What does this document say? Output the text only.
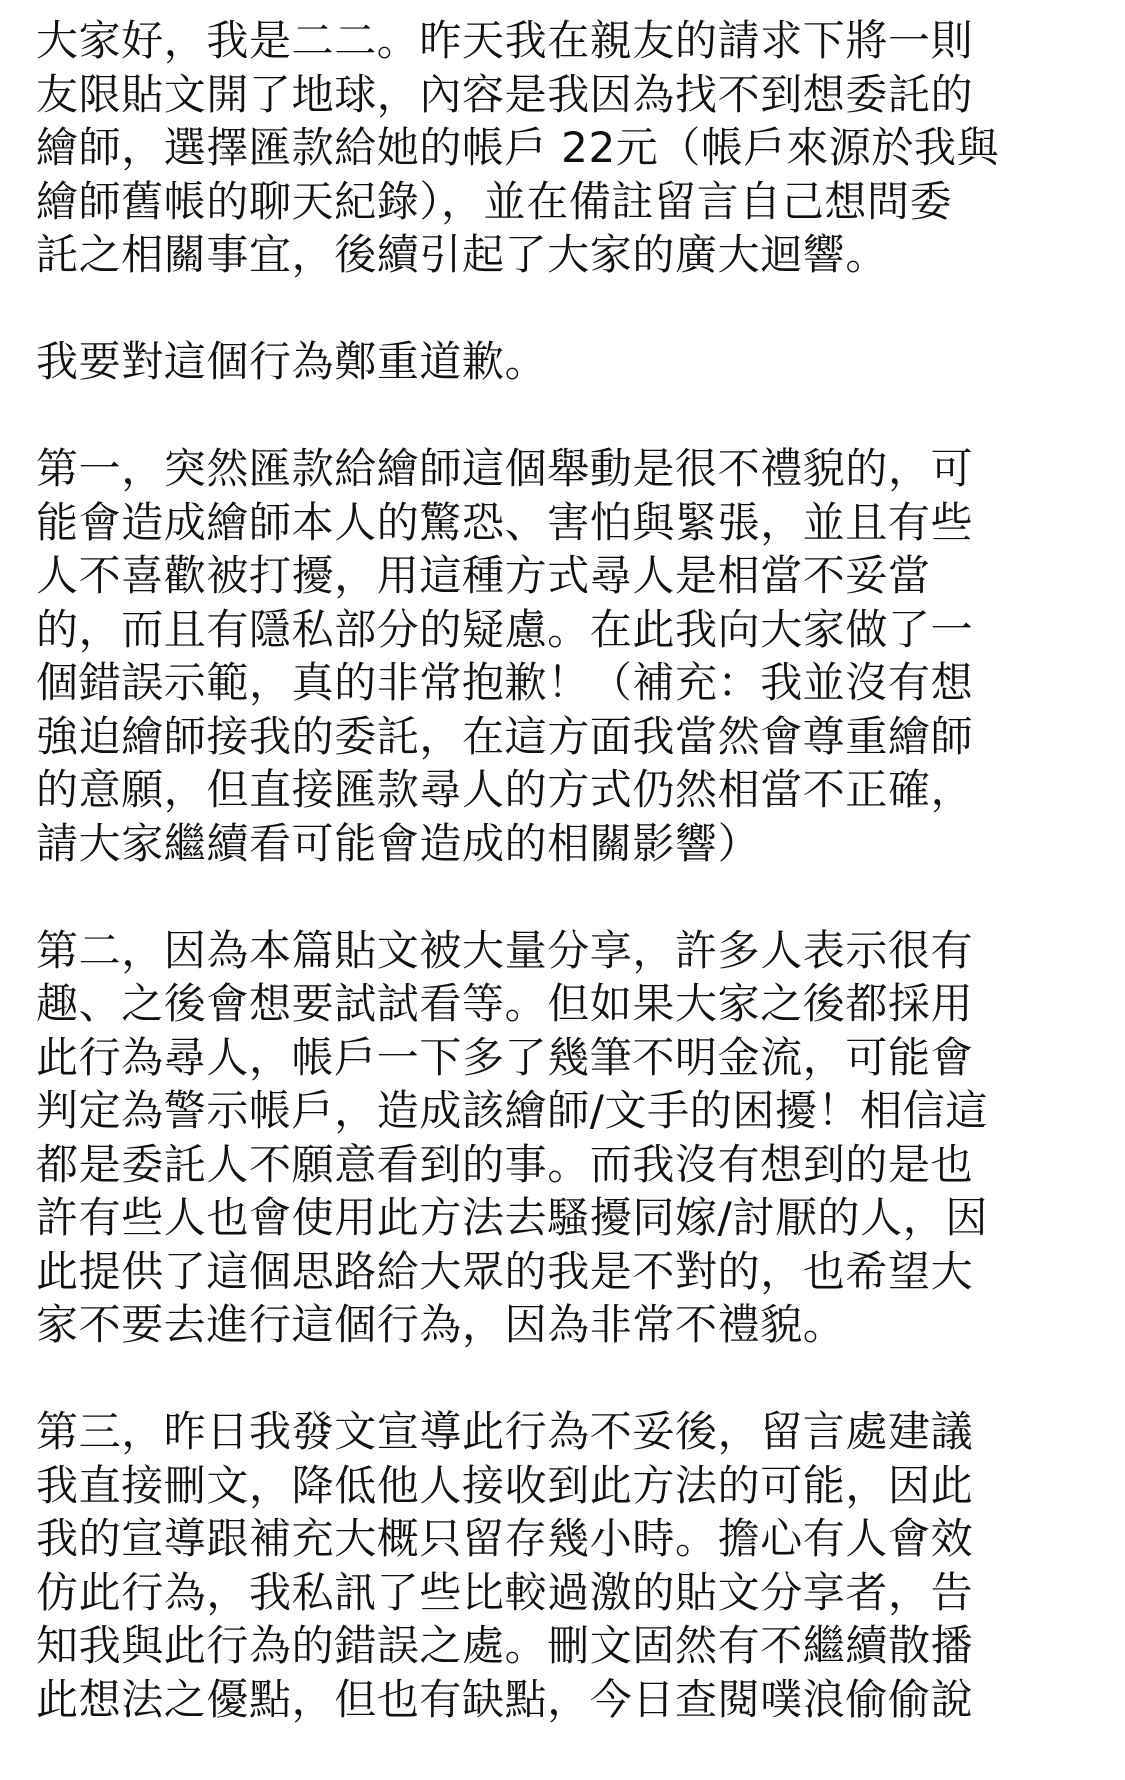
大家好，我是二二。昨天我在親友的請求下將一則
友限貼文開了地球，內容是我因為找不到想委託的
繪師，選擇匯款給她的帳戶 22元（帳戶來源於我與
繪師舊帳的聊天紀錄），並在備註留言自己想問委
託之相關事宜，後續引起了大家的廣大迴響。
我要對這個行為鄭重道歉。
第一，突然匯款給繪師這個舉動是很不禮貌的，可
能會造成繪師本人的驚恐、害怕與緊張，並且有些
人不喜歡被打擾，用這種方式尋人是相當不妥當
的，而且有隱私部分的疑慮。在此我向大家做了一
個錯誤示範，真的非常抱歉！（補充：我並沒有想
強迫繪師接我的委託，在這方面我當然會尊重繪師
的意願，但直接匯款尋人的方式仍然相當不正確，
請大家繼續看可能會造成的相關影響）
第二，因為本篇貼文被大量分享，許多人表示很有
趣、之後會想要試試看等。但如果大家之後都採用
此行為尋人，帳戶一下多了幾筆不明金流，可能會
判定為警示帳戶，造成該繪師/文手的困擾！相信這
都是委託人不願意看到的事。而我沒有想到的是也
許有些人也會使用此方法去騷擾同嫁/討厭的人，因
此提供了這個思路給大眾的我是不對的，也希望大
家不要去進行這個行為，因為非常不禮貌。
第三，昨日我發文宣導此行為不妥後，留言處建議
我直接刪文，降低他人接收到此方法的可能，因此
我的宣導跟補充大概只留存幾小時。擔心有人會效
仿此行為，我私訊了些比較過激的貼文分享者，告
知我與此行為的錯誤之處。刪文固然有不繼續散播
此想法之優點，但也有缺點，今日查閱噗浪偷偷說
